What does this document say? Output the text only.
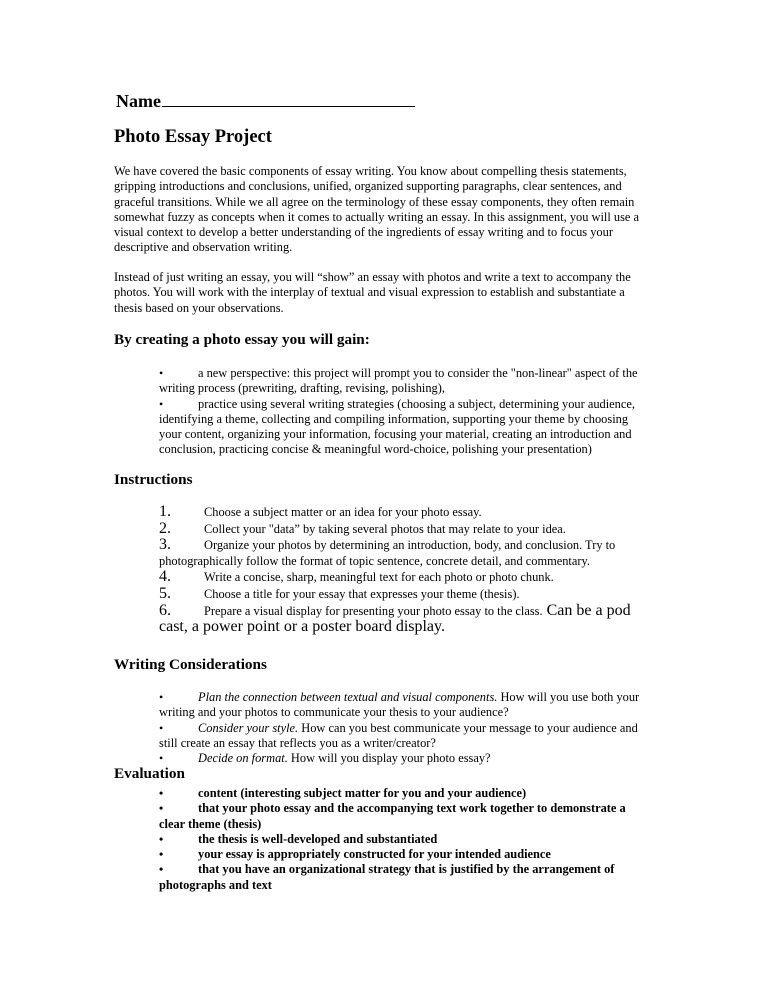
Name
Photo Essay Project

We have covered the basic components of essay writing. You know about compelling thesis statements, gripping introductions and conclusions, unified, organized supporting paragraphs, clear sentences, and graceful transitions. While we all agree on the terminology of these essay components, they often remain somewhat fuzzy as concepts when it comes to actually writing an essay. In this assignment, you will use a visual context to develop a better understanding of the ingredients of essay writing and to focus your descriptive and observation writing.

Instead of just writing an essay, you will “show” an essay with photos and write a text to accompany the photos. You will work with the interplay of textual and visual expression to establish and substantiate a thesis based on your observations.

By creating a photo essay you will gain:
•	a new perspective: this project will prompt you to consider the "non-linear" aspect of the writing process (prewriting, drafting, revising, polishing),
•	practice using several writing strategies (choosing a subject, determining your audience, identifying a theme, collecting and compiling information, supporting your theme by choosing your content, organizing your information, focusing your material, creating an introduction and conclusion, practicing concise & meaningful word-choice, polishing your presentation)
Instructions
1.	Choose a subject matter or an idea for your photo essay.
2.	Collect your "data” by taking several photos that may relate to your idea.
3.	Organize your photos by determining an introduction, body, and conclusion. Try to photographically follow the format of topic sentence, concrete detail, and commentary.
4.	Write a concise, sharp, meaningful text for each photo or photo chunk.
5.	Choose a title for your essay that expresses your theme (thesis).
6.	Prepare a visual display for presenting your photo essay to the class. Can be a pod cast, a power point or a poster board display.
Writing Considerations
•	Plan the connection between textual and visual components. How will you use both your writing and your photos to communicate your thesis to your audience?
•	Consider your style. How can you best communicate your message to your audience and still create an essay that reflects you as a writer/creator?
•	Decide on format. How will you display your photo essay?
Evaluation
•	content (interesting subject matter for you and your audience)
•	that your photo essay and the accompanying text work together to demonstrate a clear theme (thesis)
•	the thesis is well-developed and substantiated
•	your essay is appropriately constructed for your intended audience
•	that you have an organizational strategy that is justified by the arrangement of photographs and text
